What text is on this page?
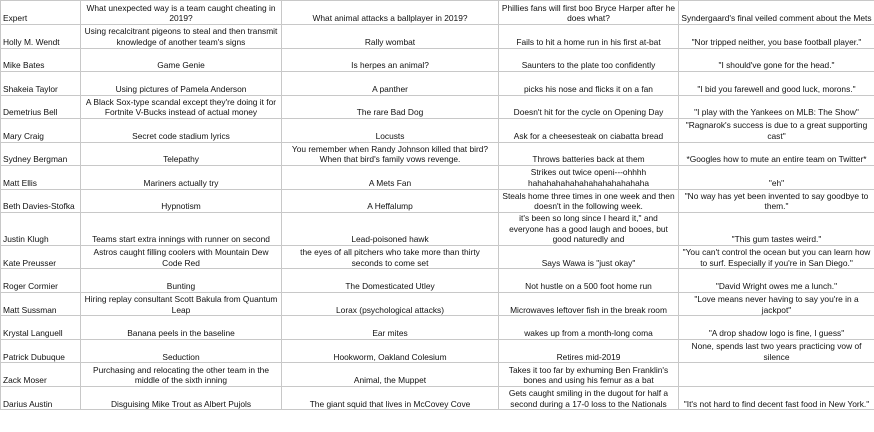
Expert	What unexpected way is a team caught cheating in 2019?	What animal attacks a ballplayer in 2019?	Phillies fans will first boo Bryce Harper after he does what?	Syndergaard's final veiled comment about the Mets
Holly M. Wendt	Using recalcitrant pigeons to steal and then transmit knowledge of another team's signs	Rally wombat	Fails to hit a home run in his first at-bat	"Nor tripped neither, you base football player."
Mike Bates	Game Genie	Is herpes an animal?	Saunters to the plate too confidently	"I should've gone for the head."
Shakeia Taylor	Using pictures of Pamela Anderson	A panther	picks his nose and flicks it on a fan	"I bid you farewell and good luck, morons."
Demetrius Bell	A Black Sox-type scandal except they're doing it for Fortnite V-Bucks instead of actual money	The rare Bad Dog	Doesn't hit for the cycle on Opening Day	"I play with the Yankees on MLB: The Show"
Mary Craig	Secret code stadium lyrics	Locusts	Ask for a cheesesteak on ciabatta bread	"Ragnarok's success is due to a great supporting cast"
Sydney Bergman	Telepathy	You remember when Randy Johnson killed that bird? When that bird's family vows revenge.	Throws batteries back at them	*Googles how to mute an entire team on Twitter*
Matt Ellis	Mariners actually try	A Mets Fan	Strikes out twice openi---ohhhh hahahahahahahahahahahahaha	"eh"
Beth Davies-Stofka	Hypnotism	A Heffalump	Steals home three times in one week and then doesn't in the following week.	"No way has yet been invented to say goodbye to them."
Justin Klugh	Teams start extra innings with runner on second	Lead-poisoned hawk	it's been so long since I heard it," and everyone has a good laugh and booes, but good naturedly and	"This gum tastes weird."
Kate Preusser	Astros caught filling coolers with Mountain Dew Code Red	the eyes of all pitchers who take more than thirty seconds to come set	Says Wawa is "just okay"	"You can't control the ocean but you can learn how to surf. Especially if you're in San Diego."
Roger Cormier	Bunting	The Domesticated Utley	Not hustle on a 500 foot home run	"David Wright owes me a lunch."
Matt Sussman	Hiring replay consultant Scott Bakula from Quantum Leap	Lorax (psychological attacks)	Microwaves leftover fish in the break room	"Love means never having to say you're in a jackpot"
Krystal Languell	Banana peels in the baseline	Ear mites	wakes up from a month-long coma	"A drop shadow logo is fine, I guess"
Patrick Dubuque	Seduction	Hookworm, Oakland Colesium	Retires mid-2019	None, spends last two years practicing vow of silence
Zack Moser	Purchasing and relocating the other team in the middle of the sixth inning	Animal, the Muppet	Takes it too far by exhuming Ben Franklin's bones and using his femur as a bat	
Darius Austin	Disguising Mike Trout as Albert Pujols	The giant squid that lives in McCovey Cove	Gets caught smiling in the dugout for half a second during a 17-0 loss to the Nationals	"It's not hard to find decent fast food in New York."
